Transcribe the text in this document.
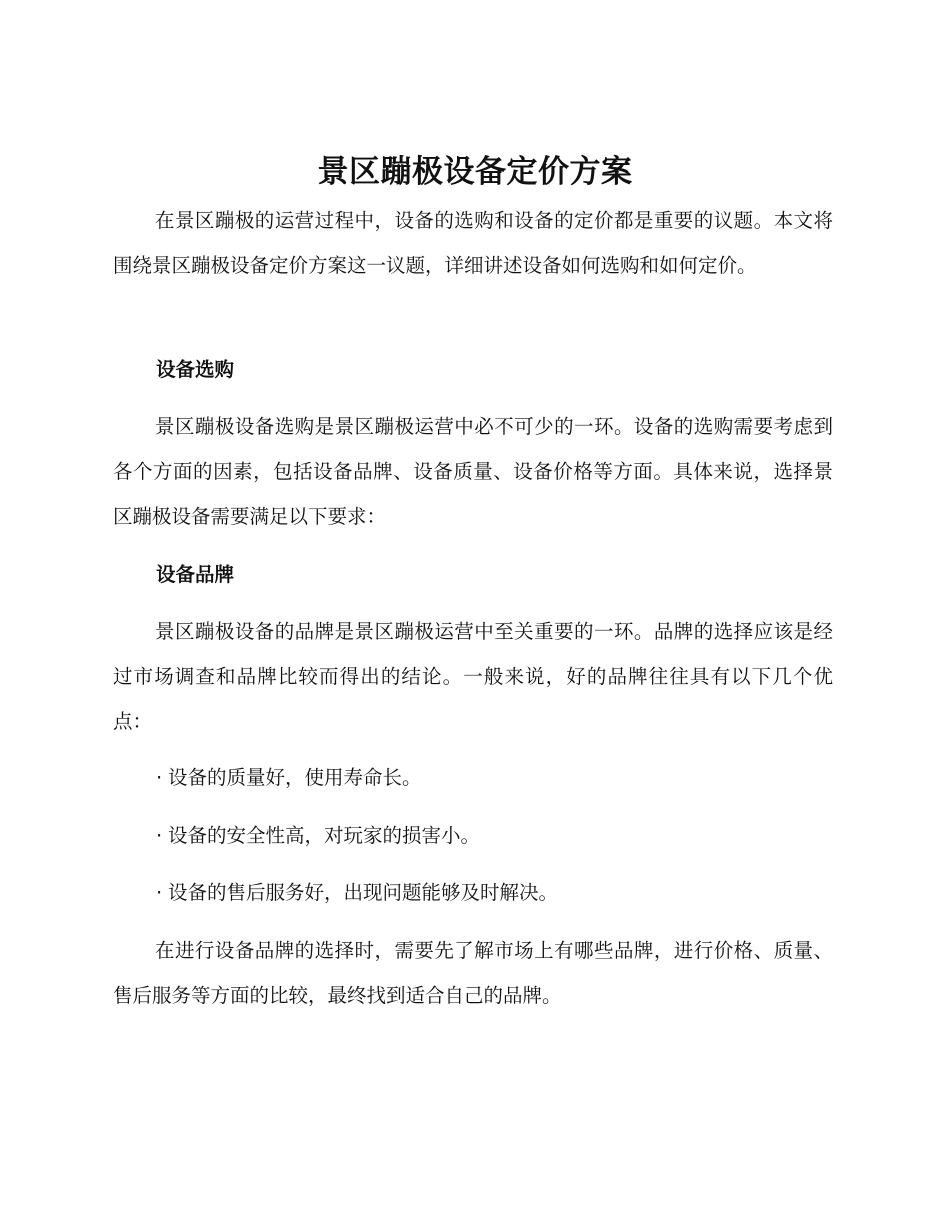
景区蹦极设备定价方案

在景区蹦极的运营过程中，设备的选购和设备的定价都是重要的议题。本文将围绕景区蹦极设备定价方案这一议题，详细讲述设备如何选购和如何定价。

设备选购

景区蹦极设备选购是景区蹦极运营中必不可少的一环。设备的选购需要考虑到各个方面的因素，包括设备品牌、设备质量、设备价格等方面。具体来说，选择景区蹦极设备需要满足以下要求：

设备品牌

景区蹦极设备的品牌是景区蹦极运营中至关重要的一环。品牌的选择应该是经过市场调查和品牌比较而得出的结论。一般来说，好的品牌往往具有以下几个优点：

· 设备的质量好，使用寿命长。
· 设备的安全性高，对玩家的损害小。
· 设备的售后服务好，出现问题能够及时解决。

在进行设备品牌的选择时，需要先了解市场上有哪些品牌，进行价格、质量、售后服务等方面的比较，最终找到适合自己的品牌。
